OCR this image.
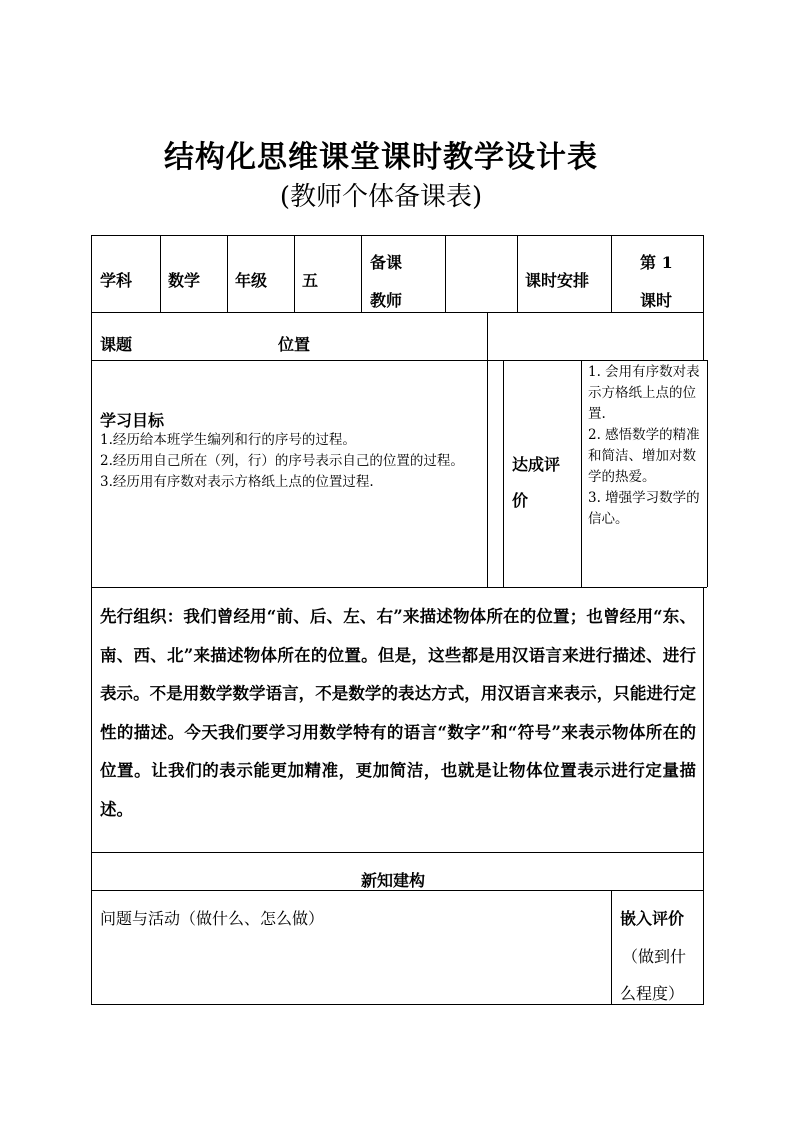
结构化思维课堂课时教学设计表
(教师个体备课表)
学科 数学 年级 五
备课
教师
课时安排
第 1
课时
课题	位置
学习目标
1.经历给本班学生编列和行的序号的过程。
2.经历用自己所在（列，行）的序号表示自己的位置的过程。
3.经历用有序数对表示方格纸上点的位置过程.
达成评
价
1. 会用有序数对表示方格纸上点的位置.
2. 感悟数学的精准和简洁、增加对数学的热爱。
3. 增强学习数学的信心。
先行组织：我们曾经用“前、后、左、右”来描述物体所在的位置；也曾经用“东、南、西、北”来描述物体所在的位置。但是，这些都是用汉语言来进行描述、进行表示。不是用数学数学语言，不是数学的表达方式，用汉语言来表示，只能进行定性的描述。今天我们要学习用数学特有的语言“数字”和“符号”来表示物体所在的位置。让我们的表示能更加精准，更加简洁，也就是让物体位置表示进行定量描述。
新知建构
问题与活动（做什么、怎么做）	嵌入评价
（做到什
么程度）
